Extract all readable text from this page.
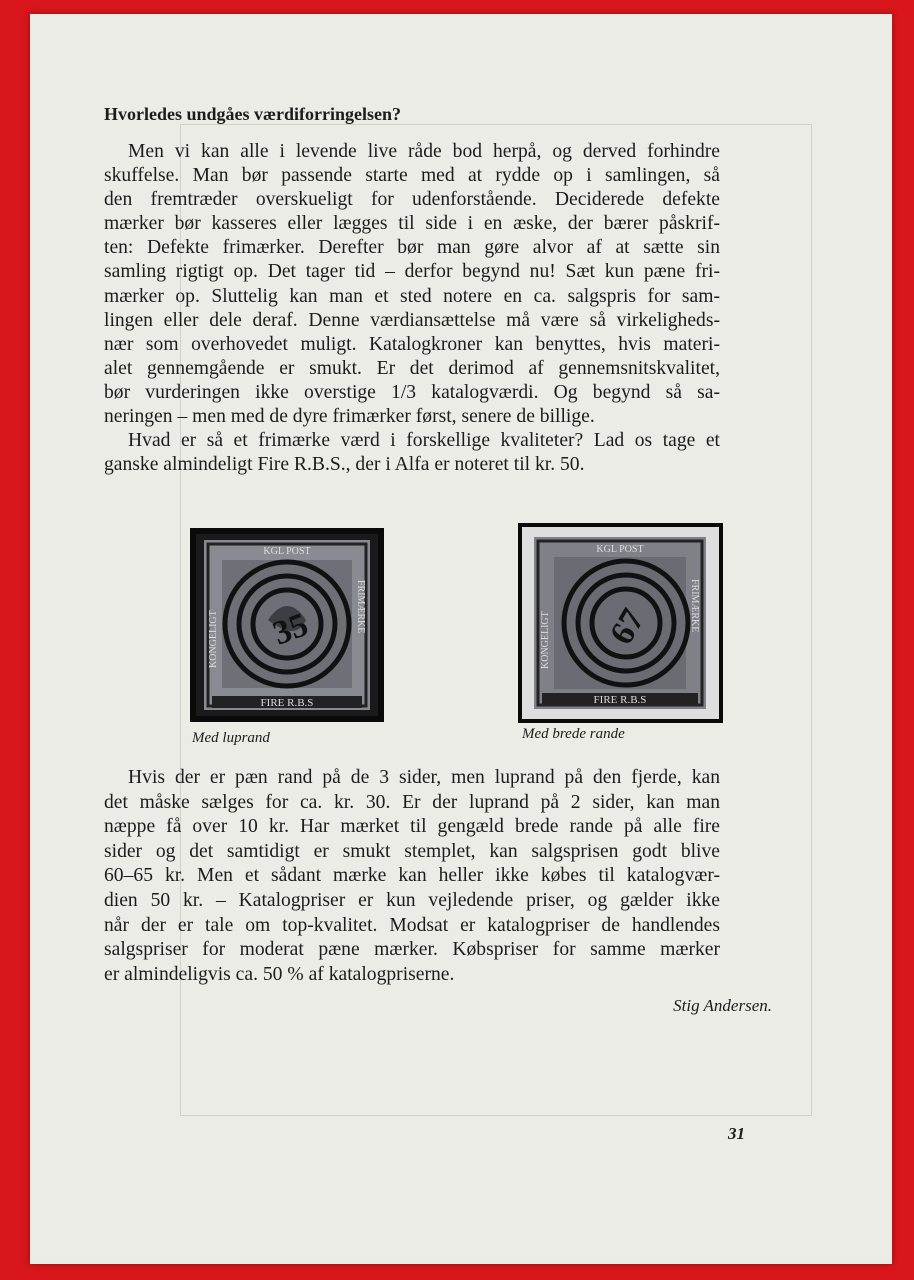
Hvorledes undgåes værdiforringelsen?
Men vi kan alle i levende live råde bod herpå, og derved forhindre
skuffelse. Man bør passende starte med at rydde op i samlingen, så
den fremtræder overskueligt for udenforstående. Deciderede defekte
mærker bør kasseres eller lægges til side i en æske, der bærer påskrif-
ten: Defekte frimærker. Derefter bør man gøre alvor af at sætte sin
samling rigtigt op. Det tager tid – derfor begynd nu! Sæt kun pæne fri-
mærker op. Sluttelig kan man et sted notere en ca. salgspris for sam-
lingen eller dele deraf. Denne værdiansættelse må være så virkeligheds-
nær som overhovedet muligt. Katalogkroner kan benyttes, hvis materi-
alet gennemgående er smukt. Er det derimod af gennemsnitskvalitet,
bør vurderingen ikke overstige 1/3 katalogværdi. Og begynd så sa-
neringen – men med de dyre frimærker først, senere de billige.
Hvad er så et frimærke værd i forskellige kvaliteter? Lad os tage et
ganske almindeligt Fire R.B.S., der i Alfa er noteret til kr. 50.
FIRE R.B.S
KGL POST
KONGELIGT
FRIMÆRKE
35
Med luprand
FIRE R.B.S
KGL POST
KONGELIGT
FRIMÆRKE
67
Med brede rande
Hvis der er pæn rand på de 3 sider, men luprand på den fjerde, kan
det måske sælges for ca. kr. 30. Er der luprand på 2 sider, kan man
næppe få over 10 kr. Har mærket til gengæld brede rande på alle fire
sider og det samtidigt er smukt stemplet, kan salgsprisen godt blive
60–65 kr. Men et sådant mærke kan heller ikke købes til katalogvær-
dien 50 kr. – Katalogpriser er kun vejledende priser, og gælder ikke
når der er tale om top-kvalitet. Modsat er katalogpriser de handlendes
salgspriser for moderat pæne mærker. Købspriser for samme mærker
er almindeligvis ca. 50 % af katalogpriserne.
Stig Andersen.
31
